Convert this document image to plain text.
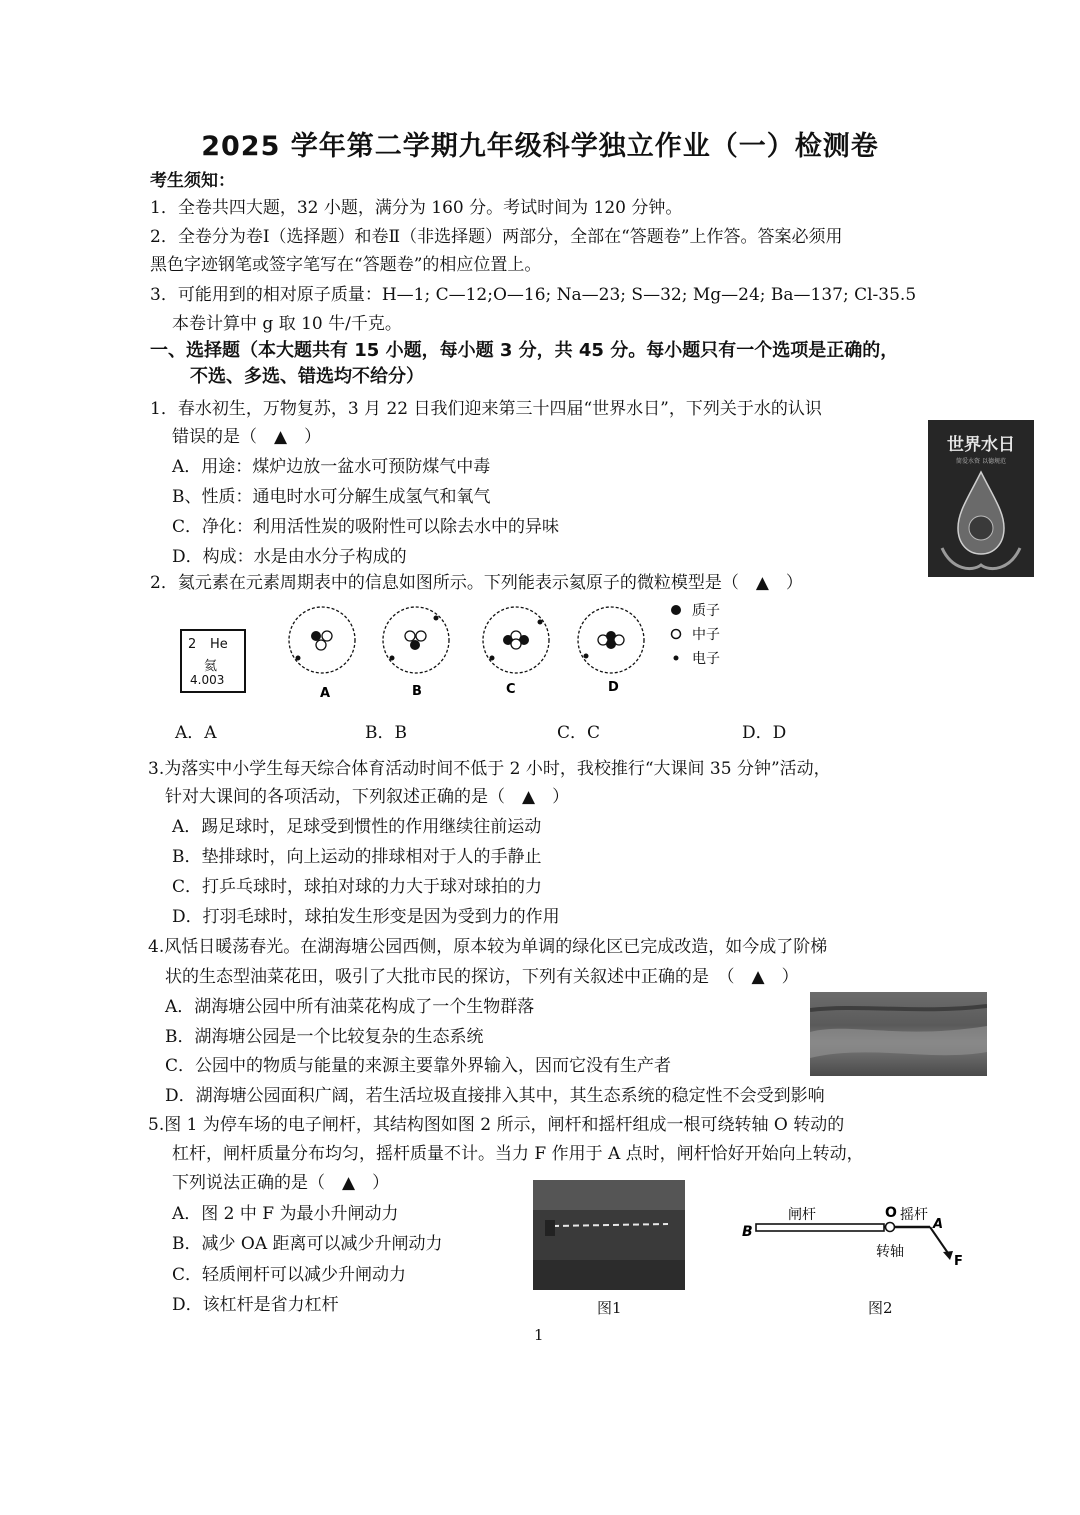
2025 学年第二学期九年级科学独立作业（一）检测卷
考生须知：
1．全卷共四大题，32 小题，满分为 160 分。考试时间为 120 分钟。
2．全卷分为卷Ⅰ（选择题）和卷Ⅱ（非选择题）两部分，全部在“答题卷”上作答。答案必须用
黑色字迹钢笔或签字笔写在“答题卷”的相应位置上。
3．可能用到的相对原子质量：H—1; C—12;O—16; Na—23; S—32; Mg—24; Ba—137; Cl-35.5
本卷计算中 g 取 10 牛/千克。
一、选择题（本大题共有 15 小题，每小题 3 分，共 45 分。每小题只有一个选项是正确的，
不选、多选、错选均不给分）
1．春水初生，万物复苏，3 月 22 日我们迎来第三十四届“世界水日”，下列关于水的认识
错误的是（　▲　）
A．用途：煤炉边放一盆水可预防煤气中毒
B、性质：通电时水可分解生成氢气和氧气
C．净化：利用活性炭的吸附性可以除去水中的异味
D．构成：水是由水分子构成的
世界水日
简爱水资 以德规范
2．氦元素在元素周期表中的信息如图所示。下列能表示氦原子的微粒模型是（　▲　）
2 He
氦
4.003
A	B	C	D
质子
中子
电子
A．A	B．B	C．C	D．D
3.为落实中小学生每天综合体育活动时间不低于 2 小时，我校推行“大课间 35 分钟”活动，
针对大课间的各项活动，下列叙述正确的是（　▲　）
A．踢足球时，足球受到惯性的作用继续往前运动
B．垫排球时，向上运动的排球相对于人的手静止
C．打乒乓球时，球拍对球的力大于球对球拍的力
D．打羽毛球时，球拍发生形变是因为受到力的作用
4.风恬日暖荡春光。在湖海塘公园西侧，原本较为单调的绿化区已完成改造，如今成了阶梯
状的生态型油菜花田，吸引了大批市民的探访，下列有关叙述中正确的是　（　▲　）
A．湖海塘公园中所有油菜花构成了一个生物群落
B．湖海塘公园是一个比较复杂的生态系统
C．公园中的物质与能量的来源主要靠外界输入，因而它没有生产者
D．湖海塘公园面积广阔，若生活垃圾直接排入其中，其生态系统的稳定性不会受到影响
5.图 1 为停车场的电子闸杆，其结构图如图 2 所示，闸杆和摇杆组成一根可绕转轴 O 转动的
杠杆，闸杆质量分布均匀，摇杆质量不计。当力 F 作用于 A 点时，闸杆恰好开始向上转动，
下列说法正确的是（　▲　）
A．图 2 中 F 为最小升闸动力
B．减少 OA 距离可以减少升闸动力
C．轻质闸杆可以减少升闸动力
D．该杠杆是省力杠杆	图1
B
闸杆	O 摇杆
A
转轴
F
图2
1
